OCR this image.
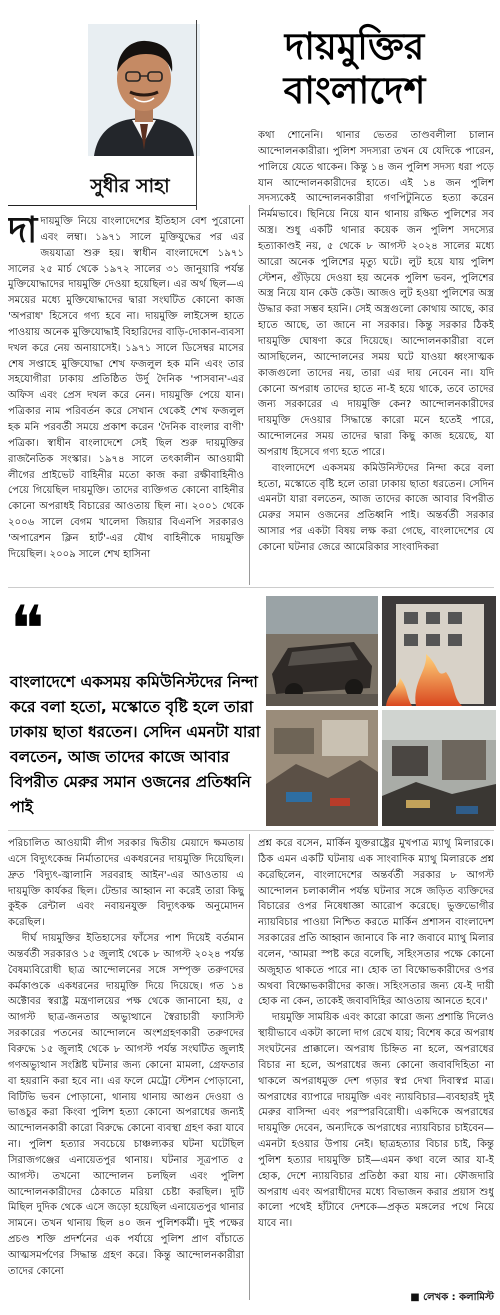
দায়মুক্তির
বাংলাদেশ
সুধীর সাহা

দাদায়মুক্তি নিয়ে বাংলাদেশের ইতিহাস বেশ পুরোনো এবং লম্বা। ১৯৭১ সালে মুক্তিযুদ্ধের পর এর জয়যাত্রা শুরু হয়। স্বাধীন বাংলাদেশে ১৯৭১ সালের ২৫ মার্চ থেকে ১৯৭২ সালের ৩১ জানুয়ারি পর্যন্ত মুক্তিযোদ্ধাদের দায়মুক্তি দেওয়া হয়েছিল। এর অর্থ ছিল—এ সময়ের মধ্যে মুক্তিযোদ্ধাদের দ্বারা সংঘটিত কোনো কাজ 'অপরাধ' হিসেবে গণ্য হবে না। দায়মুক্তি লাইসেন্স হাতে পাওয়ায় অনেক মুক্তিযোদ্ধাই বিহারিদের বাড়ি-দোকান-ব্যবসা দখল করে নেয় অনায়াসেই। ১৯৭১ সালে ডিসেম্বর মাসের শেষ সপ্তাহে মুক্তিযোদ্ধা শেখ ফজলুল হক মনি এবং তার সহযোগীরা ঢাকায় প্রতিষ্ঠিত উর্দু দৈনিক 'পাসবান'-এর অফিস এবং প্রেস দখল করে নেন। দায়মুক্তি পেয়ে যান। পত্রিকার নাম পরিবর্তন করে সেখান থেকেই শেখ ফজলুল হক মনি পরবর্তী সময়ে প্রকাশ করেন 'দৈনিক বাংলার বাণী' পত্রিকা। স্বাধীন বাংলাদেশে সেই ছিল শুরু দায়মুক্তির রাজনৈতিক সংস্কার। ১৯৭৪ সালে তৎকালীন আওয়ামী লীগের প্রাইভেট বাহিনীর মতো কাজ করা রক্ষীবাহিনীও পেয়ে গিয়েছিল দায়মুক্তি। তাদের ব্যক্তিগত কোনো বাহিনীর কোনো অপরাধই বিচারের আওতায় ছিল না। ২০০১ থেকে ২০০৬ সালে বেগম খালেদা জিয়ার বিএনপি সরকারও 'অপারেশন ক্লিন হার্ট'-এর যৌথ বাহিনীকে দায়মুক্তি দিয়েছিল। ২০০৯ সালে শেখ হাসিনা

কথা শোনেনি। থানার ভেতর তাণ্ডবলীলা চালান আন্দোলনকারীরা। পুলিশ সদস্যরা তখন যে যেদিকে পারেন, পালিয়ে যেতে থাকেন। কিন্তু ১৪ জন পুলিশ সদস্য ধরা পড়ে যান আন্দোলনকারীদের হাতে। এই ১৪ জন পুলিশ সদস্যকেই আন্দোলনকারীরা গণপিটুনিতে হত্যা করেন নির্মমভাবে। ছিনিয়ে নিয়ে যান থানায় রক্ষিত পুলিশের সব অস্ত্র। শুধু একটি থানার কয়েক জন পুলিশ সদস্যের হত্যাকাণ্ডই নয়, ৫ থেকে ৮ আগস্ট ২০২৪ সালের মধ্যে আরো অনেক পুলিশের মৃত্যু ঘটে। লুট হয়ে যায় পুলিশ স্টেশন, গুঁড়িয়ে দেওয়া হয় অনেক পুলিশ ভবন, পুলিশের অস্ত্র নিয়ে যান কেউ কেউ। আজও লুট হওয়া পুলিশের অস্ত্র উদ্ধার করা সম্ভব হয়নি। সেই অস্ত্রগুলো কোথায় আছে, কার হাতে আছে, তা জানে না সরকার। কিন্তু সরকার ঠিকই দায়মুক্তি ঘোষণা করে দিয়েছে। আন্দোলনকারীরা বলে আসছিলেন, আন্দোলনের সময় ঘটে যাওয়া ধ্বংসাত্মক কাজগুলো তাদের নয়, তারা এর দায় নেবেন না। যদি কোনো অপরাধ তাদের হাতে না-ই হয়ে থাকে, তবে তাদের জন্য সরকারের এ দায়মুক্তি কেন? আন্দোলনকারীদের দায়মুক্তি দেওয়ার সিদ্ধান্তে কারো মনে হতেই পারে, আন্দোলনের সময় তাদের দ্বারা কিছু কাজ হয়েছে, যা অপরাধ হিসেবে গণ্য হতে পারে।

বাংলাদেশে একসময় কমিউনিস্টদের নিন্দা করে বলা হতো, মস্কোতে বৃষ্টি হলে তারা ঢাকায় ছাতা ধরতেন। সেদিন এমনটা যারা বলতেন, আজ তাদের কাজে আবার বিপরীত মেরুর সমান ওজনের প্রতিধ্বনি পাই। অন্তর্বর্তী সরকার আসার পর একটা বিষয় লক্ষ করা গেছে, বাংলাদেশের যে কোনো ঘটনার জেরে আমেরিকার সাংবাদিকরা

❝
বাংলাদেশে একসময় কমিউনিস্টদের নিন্দা করে বলা হতো, মস্কোতে বৃষ্টি হলে তারা ঢাকায় ছাতা ধরতেন। সেদিন এমনটা যারা বলতেন, আজ তাদের কাজে আবার বিপরীত মেরুর সমান ওজনের প্রতিধ্বনি পাই

পরিচালিত আওয়ামী লীগ সরকার দ্বিতীয় মেয়াদে ক্ষমতায় এসে বিদ্যুৎকেন্দ্র নির্মাতাদের একধরনের দায়মুক্তি দিয়েছিল। দ্রুত 'বিদ্যুৎ-জ্বালানি সরবরাহ আইন'-এর আওতায় এ দায়মুক্তি কার্যকর ছিল। টেন্ডার আহ্বান না করেই তারা কিছু কুইক রেন্টাল এবং নবায়নযুক্ত বিদ্যুৎকক্ষ অনুমোদন করেছিল।

দীর্ঘ দায়মুক্তির ইতিহাসের ফাঁসের পাশ দিয়েই বর্তমান অন্তর্বর্তী সরকারও ১৫ জুলাই থেকে ৮ আগস্ট ২০২৪ পর্যন্ত বৈষম্যবিরোধী ছাত্র আন্দোলনের সঙ্গে সম্পৃক্ত তরুণদের কর্মকাণ্ডকে একধরনের দায়মুক্তি দিয়ে দিয়েছে। গত ১৪ অক্টোবর স্বরাষ্ট্র মন্ত্রণালয়ের পক্ষ থেকে জানানো হয়, ৫ আগস্ট ছাত্র-জনতার অভ্যুত্থানে স্বৈরাচারী ফ্যাসিস্ট সরকারের পতনের আন্দোলনে অংশগ্রহণকারী তরুণদের বিরুদ্ধে ১৫ জুলাই থেকে ৮ আগস্ট পর্যন্ত সংঘটিত জুলাই গণঅভ্যুত্থান সংশ্লিষ্ট ঘটনার জন্য কোনো মামলা, গ্রেফতার বা হয়রানি করা হবে না। এর ফলে মেট্রো স্টেশন পোড়ানো, বিটিভি ভবন পোড়ানো, থানায় থানায় আগুন দেওয়া ও ভাঙচুর করা কিংবা পুলিশ হত্যা কোনো অপরাধের জন্যই আন্দোলনকারী কারো বিরুদ্ধে কোনো ব্যবস্থা গ্রহণ করা যাবে না। পুলিশ হত্যার সবচেয়ে চাঞ্চল্যকর ঘটনা ঘটেছিল সিরাজগঞ্জের এনায়েতপুর থানায়। ঘটনার সূত্রপাত ৫ আগস্ট। তখনো আন্দোলন চলছিল এবং পুলিশ আন্দোলনকারীদের ঠেকাতে মরিয়া চেষ্টা করছিল। দুটি মিছিল দুদিক থেকে এসে জড়ো হয়েছিল এনায়েতপুর থানার সামনে। তখন থানায় ছিল ৪০ জন পুলিশকর্মী। দুই পক্ষের প্রচণ্ড শক্তি প্রদর্শনের এক পর্যায়ে পুলিশ প্রাণ বাঁচাতে আত্মসমর্পণের সিদ্ধান্ত গ্রহণ করে। কিন্তু আন্দোলনকারীরা তাদের কোনো

প্রশ্ন করে বসেন, মার্কিন যুক্তরাষ্ট্রের মুখপাত্র ম্যাথু মিলারকে। ঠিক এমন একটি ঘটনায় এক সাংবাদিক ম্যাথু মিলারকে প্রশ্ন করেছিলেন, বাংলাদেশের অন্তর্বর্তী সরকার ৮ আগস্ট আন্দোলন চলাকালীন পর্যন্ত ঘটনার সঙ্গে জড়িত ব্যক্তিদের বিচারের ওপর নিষেধাজ্ঞা আরোপ করেছে। ভুক্তভোগীর ন্যায়বিচার পাওয়া নিশ্চিত করতে মার্কিন প্রশাসন বাংলাদেশ সরকারের প্রতি আহ্বান জানাবে কি না? জবাবে ম্যাথু মিলার বলেন, 'আমরা স্পষ্ট করে বলেছি, সহিংসতার পক্ষে কোনো অজুহাত থাকতে পারে না। হোক তা বিক্ষোভকারীদের ওপর অথবা বিক্ষোভকারীদের কাজ। সহিংসতার জন্য যে-ই দায়ী হোক না কেন, তাকেই জবাবদিহির আওতায় আনতে হবে।'

দায়মুক্তি সাময়িক এবং কারো কারো জন্য প্রশান্তি দিলেও স্থায়ীভাবে একটা কালো দাগ রেখে যায়; বিশেষ করে অপরাধ সংঘটনের প্রাক্কালে। অপরাধ চিহ্নিত না হলে, অপরাধের বিচার না হলে, অপরাধের জন্য কোনো জবাবদিহিতা না থাকলে অপরাধমুক্ত দেশ গড়ার স্বপ্ন দেখা দিবাস্বপ্ন মাত্র। অপরাধের ব্যাপারে দায়মুক্তি এবং ন্যায়বিচার—ব্যবহারই দুই মেরুর বাসিন্দা এবং পরস্পরবিরোধী। একদিকে অপরাধের দায়মুক্তি দেবেন, অন্যদিকে অপরাধের ন্যায়বিচার চাইবেন—এমনটা হওয়ার উপায় নেই। ছাত্রহত্যার বিচার চাই, কিন্তু পুলিশ হত্যার দায়মুক্তি চাই—এমন কথা বলে আর যা-ই হোক, দেশে ন্যায়বিচার প্রতিষ্ঠা করা যায় না। ফৌজদারি অপরাধ এবং অপরাধীদের মধ্যে বিভাজন করার প্রয়াস শুধু কালো পথেই হাঁটাবে দেশকে—প্রকৃত মঙ্গলের পথে নিয়ে যাবে না।

■ লেখক : কলামিস্ট
